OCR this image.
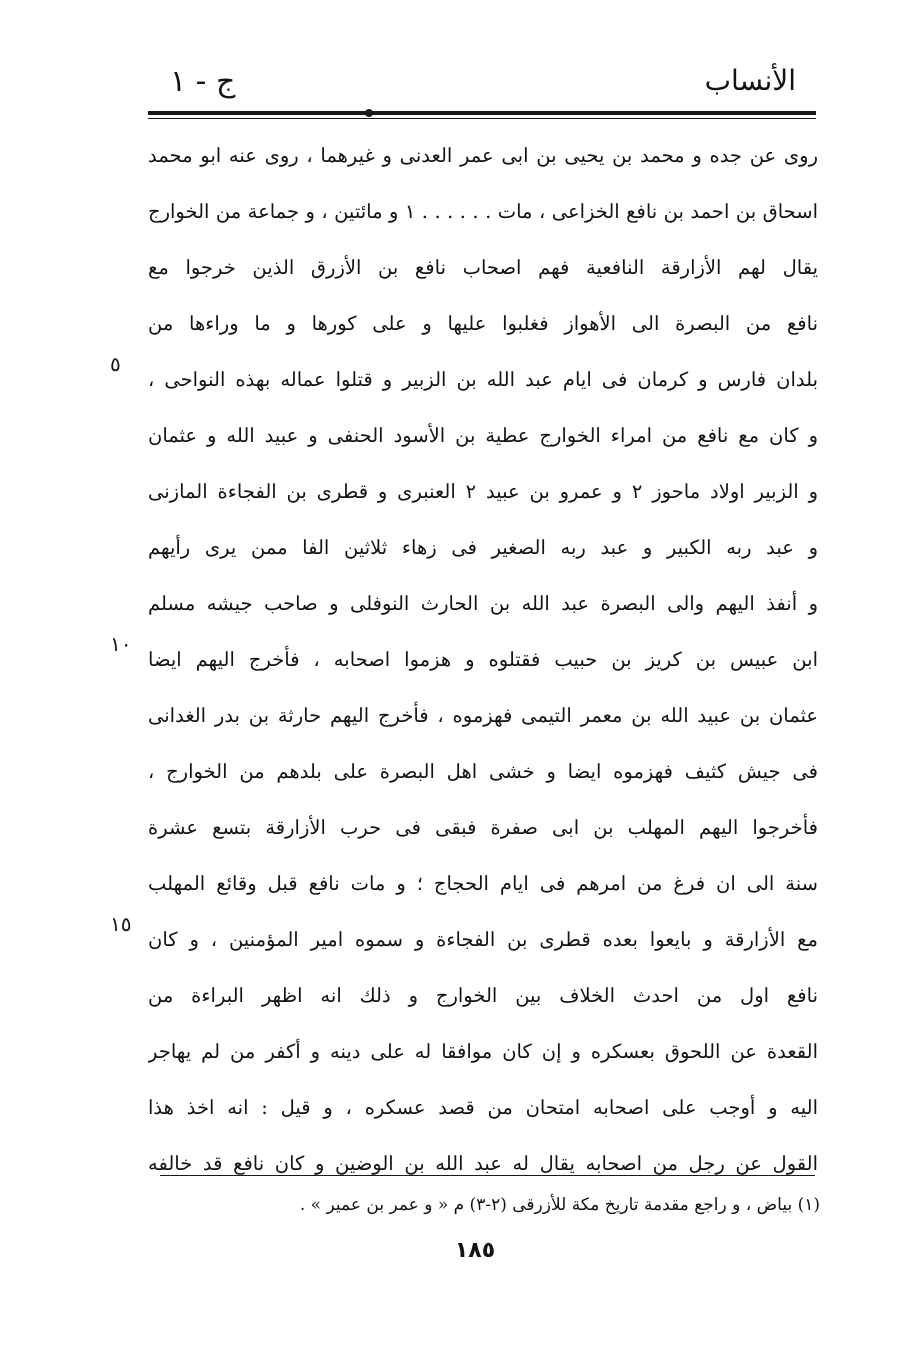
ج - ١	الأنساب
روى عن جده و محمد بن يحيى بن ابى عمر العدنى و غيرهما ، روى عنه ابو محمد
اسحاق بن احمد بن نافع الخزاعى ، مات . . . . . . ١ و مائتين ، و جماعة من الخوارج
يقال لهم الأزارقة النافعية فهم اصحاب نافع بن الأزرق الذين خرجوا مع
نافع من البصرة الى الأهواز فغلبوا عليها و على كورها و ما وراءها من
بلدان فارس و كرمان فى ايام عبد الله بن الزبير و قتلوا عماله بهذه النواحى ،
و كان مع نافع من امراء الخوارج عطية بن الأسود الحنفى و عبيد الله و عثمان
و الزبير اولاد ماحوز ٢ و عمرو بن عبيد ٢ العنبرى و قطرى بن الفجاءة المازنى
و عبد ربه الكبير و عبد ربه الصغير فى زهاء ثلاثين الفا ممن يرى رأيهم
و أنفذ اليهم والى البصرة عبد الله بن الحارث النوفلى و صاحب جيشه مسلم
ابن عبيس بن كريز بن حبيب فقتلوه و هزموا اصحابه ، فأخرج اليهم ايضا
عثمان بن عبيد الله بن معمر التيمى فهزموه ، فأخرج اليهم حارثة بن بدر الغدانى
فى جيش كثيف فهزموه ايضا و خشى اهل البصرة على بلدهم من الخوارج ،
فأخرجوا اليهم المهلب بن ابى صفرة فبقى فى حرب الأزارقة بتسع عشرة
سنة الى ان فرغ من امرهم فى ايام الحجاج ؛ و مات نافع قبل وقائع المهلب
مع الأزارقة و بايعوا بعده قطرى بن الفجاءة و سموه امير المؤمنين ، و كان
نافع اول من احدث الخلاف بين الخوارج و ذلك انه اظهر البراءة من
القعدة عن اللحوق بعسكره و إن كان موافقا له على دينه و أكفر من لم يهاجر
اليه و أوجب على اصحابه امتحان من قصد عسكره ، و قيل : انه اخذ هذا
القول عن رجل من اصحابه يقال له عبد الله بن الوضين و كان نافع قد خالفه
٥
١٠
١٥
(١) بياض ، و راجع مقدمة تاريخ مكة للأزرقى (٢-٣) م « و عمر بن عمير » .
١٨٥
